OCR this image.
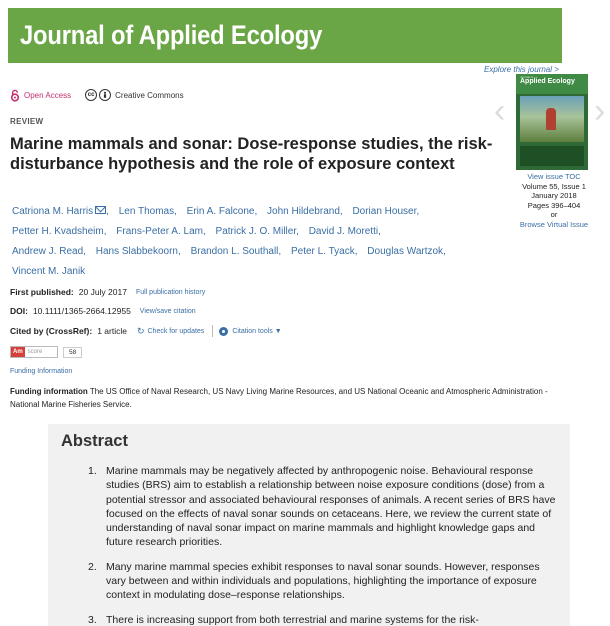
Journal of Applied Ecology
Explore this journal >
Open Access	cc	Creative Commons
REVIEW
Marine mammals and sonar: Dose-response studies, the risk-disturbance hypothesis and the role of exposure context
Catriona M. Harris , Len Thomas, Erin A. Falcone, John Hildebrand, Dorian Houser,
Petter H. Kvadsheim, Frans-Peter A. Lam, Patrick J. O. Miller, David J. Moretti,
Andrew J. Read, Hans Slabbekoorn, Brandon L. Southall, Peter L. Tyack, Douglas Wartzok,
Vincent M. Janik
First published: 20 July 2017 Full publication history
DOI: 10.1111/1365-2664.12955 View/save citation
Cited by (CrossRef): 1 article ↻ Check for updates	Citation tools ▼
Am score	58
Funding Information
Funding information The US Office of Naval Research, US Navy Living Marine Resources, and US National Oceanic and Atmospheric Administration - National Marine Fisheries Service.
Abstract
1. Marine mammals may be negatively affected by anthropogenic noise. Behavioural response studies (BRS) aim to establish a relationship between noise exposure conditions (dose) from a potential stressor and associated behavioural responses of animals. A recent series of BRS have focused on the effects of naval sonar sounds on cetaceans. Here, we review the current state of understanding of naval sonar impact on marine mammals and highlight knowledge gaps and future research priorities.
2. Many marine mammal species exhibit responses to naval sonar sounds. However, responses vary between and within individuals and populations, highlighting the importance of exposure context in modulating dose–response relationships.
3. There is increasing support from both terrestrial and marine systems for the risk-
‹
Journal of
Applied Ecology
›
View issue TOC
Volume 55, Issue 1
January 2018
Pages 396–404
or
Browse Virtual Issue
